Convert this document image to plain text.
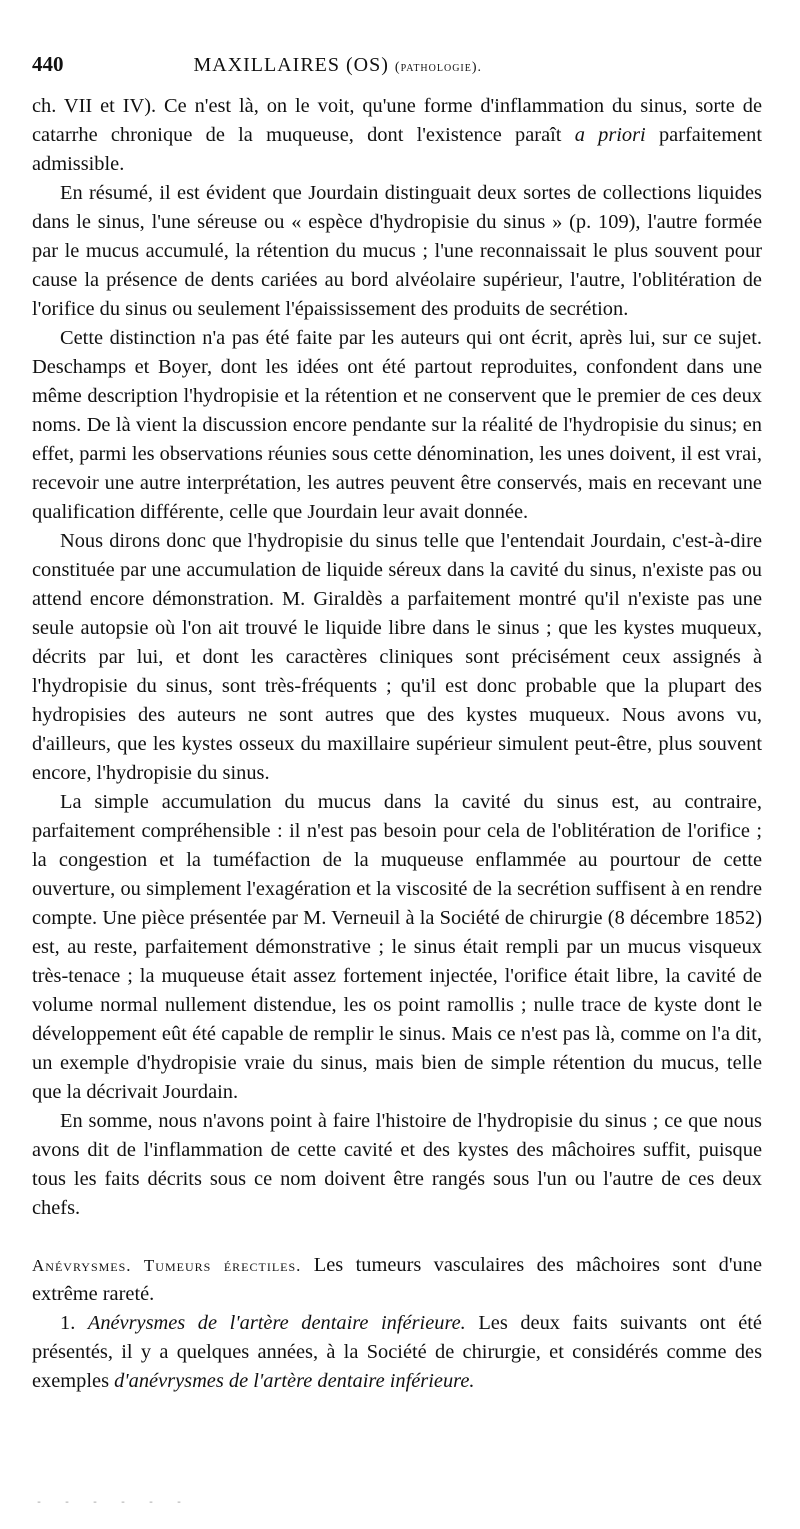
440	MAXILLAIRES (OS) (pathologie).

ch. VII et IV). Ce n'est là, on le voit, qu'une forme d'inflammation du sinus, sorte de catarrhe chronique de la muqueuse, dont l'existence paraît a priori parfaitement admissible.

En résumé, il est évident que Jourdain distinguait deux sortes de collections liquides dans le sinus, l'une séreuse ou « espèce d'hydropisie du sinus » (p. 109), l'autre formée par le mucus accumulé, la rétention du mucus ; l'une reconnaissait le plus souvent pour cause la présence de dents cariées au bord alvéolaire supérieur, l'autre, l'oblitération de l'orifice du sinus ou seulement l'épaississement des produits de secrétion.

Cette distinction n'a pas été faite par les auteurs qui ont écrit, après lui, sur ce sujet. Deschamps et Boyer, dont les idées ont été partout reproduites, confondent dans une même description l'hydropisie et la rétention et ne conservent que le premier de ces deux noms. De là vient la discussion encore pendante sur la réalité de l'hydropisie du sinus; en effet, parmi les observations réunies sous cette dénomination, les unes doivent, il est vrai, recevoir une autre interprétation, les autres peuvent être conservés, mais en recevant une qualification différente, celle que Jourdain leur avait donnée.

Nous dirons donc que l'hydropisie du sinus telle que l'entendait Jourdain, c'est-à-dire constituée par une accumulation de liquide séreux dans la cavité du sinus, n'existe pas ou attend encore démonstration. M. Giraldès a parfaitement montré qu'il n'existe pas une seule autopsie où l'on ait trouvé le liquide libre dans le sinus ; que les kystes muqueux, décrits par lui, et dont les caractères cliniques sont précisément ceux assignés à l'hydropisie du sinus, sont très-fréquents ; qu'il est donc probable que la plupart des hydropisies des auteurs ne sont autres que des kystes muqueux. Nous avons vu, d'ailleurs, que les kystes osseux du maxillaire supérieur simulent peut-être, plus souvent encore, l'hydropisie du sinus.

La simple accumulation du mucus dans la cavité du sinus est, au contraire, parfaitement compréhensible : il n'est pas besoin pour cela de l'oblitération de l'orifice ; la congestion et la tuméfaction de la muqueuse enflammée au pourtour de cette ouverture, ou simplement l'exagération et la viscosité de la secrétion suffisent à en rendre compte. Une pièce présentée par M. Verneuil à la Société de chirurgie (8 décembre 1852) est, au reste, parfaitement démonstrative ; le sinus était rempli par un mucus visqueux très-tenace ; la muqueuse était assez fortement injectée, l'orifice était libre, la cavité de volume normal nullement distendue, les os point ramollis ; nulle trace de kyste dont le développement eût été capable de remplir le sinus. Mais ce n'est pas là, comme on l'a dit, un exemple d'hydropisie vraie du sinus, mais bien de simple rétention du mucus, telle que la décrivait Jourdain.

En somme, nous n'avons point à faire l'histoire de l'hydropisie du sinus ; ce que nous avons dit de l'inflammation de cette cavité et des kystes des mâchoires suffit, puisque tous les faits décrits sous ce nom doivent être rangés sous l'un ou l'autre de ces deux chefs.

Anévrysmes. Tumeurs érectiles. Les tumeurs vasculaires des mâchoires sont d'une extrême rareté.

1. Anévrysmes de l'artère dentaire inférieure. Les deux faits suivants ont été présentés, il y a quelques années, à la Société de chirurgie, et considérés comme des exemples d'anévrysmes de l'artère dentaire inférieure.

- - - - - -
